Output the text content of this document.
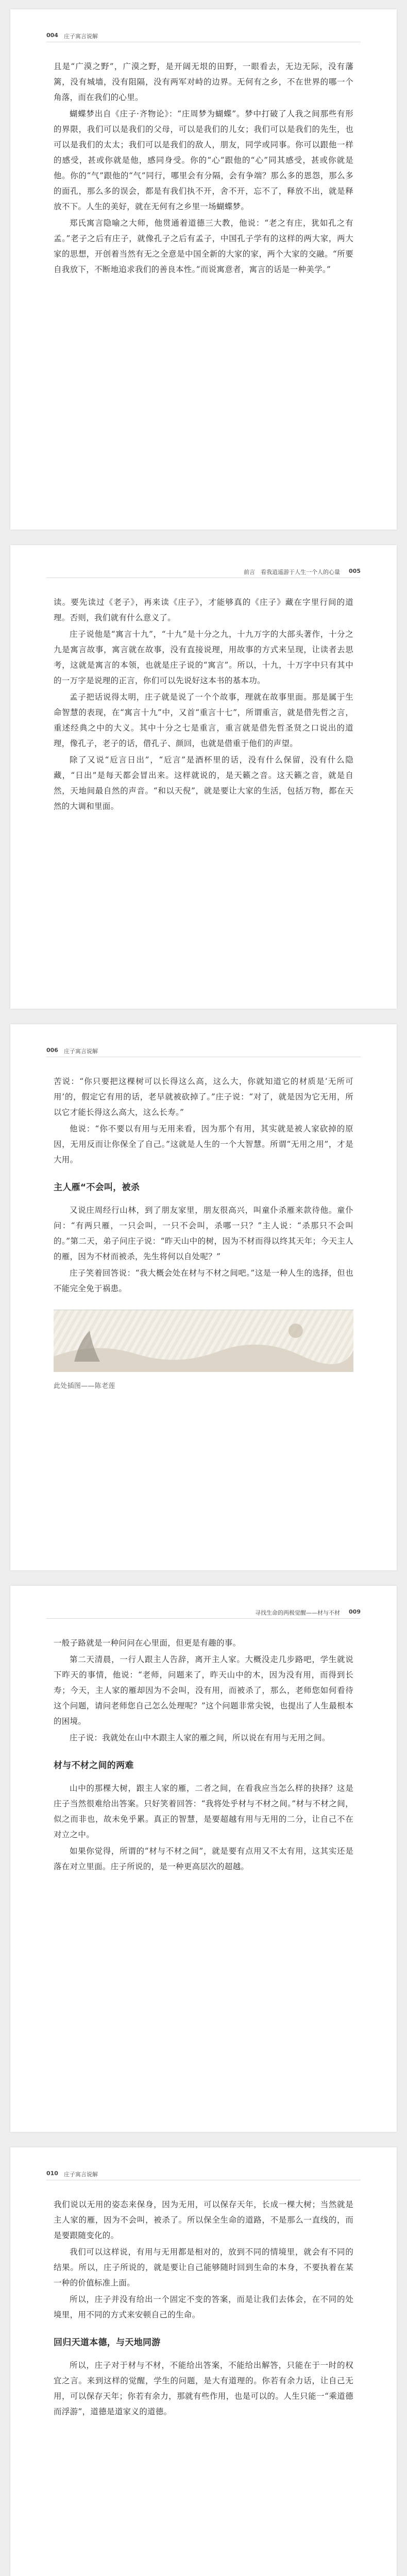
004 庄子寓言说解

且是“广漠之野”，广漠之野，是开阔无垠的田野，一眼看去，无边无际，没有藩篱，没有城墙，没有阻隔，没有两军对峙的边界。无何有之乡，不在世界的哪一个角落，而在我们的心里。

蝴蝶梦出自《庄子·齐物论》：“庄周梦为蝴蝶”。梦中打破了人我之间那些有形的界限，我们可以是我们的父母，可以是我们的儿女；我们可以是我们的先生，也可以是我们的太太；我们可以是我们的敌人，朋友，同学或同事。你可以跟他一样的感受，甚或你就是他，感同身受。你的“心”跟他的“心”同其感受，甚或你就是他。你的“气”跟他的“气”同行，哪里会有分隔，会有争端？那么多的恩怨，那么多的面孔，那么多的误会，都是有我们执不开，舍不开，忘不了，释放不出，就是释放不下。人生的美好，就在无何有之乡里一场蝴蝶梦。

郑氏寓言隐喻之大师，他贯通着道德三大教，他说：“老之有庄，犹如孔之有孟。”老子之后有庄子，就像孔子之后有孟子，中国孔子学有的这样的两大家，两大家的思想，开创着当然有无之全意是中国全新的大家的家，两个大家的交融。“所要自我放下，不断地追求我们的善良本性。”而说寓意者，寓言的话是一种美学。”

前言　看我逍遥游于人生一个人的心量 005

读。要先读过《老子》，再来读《庄子》，才能够真的《庄子》藏在字里行间的道理。否则，我们就有什么意义了。

庄子说他是“寓言十九”，“十九”是十分之九，十九万字的大部头著作，十分之九是寓言故事，寓言就在故事，没有直接说理，用故事的方式来呈现，让读者去思考，这就是寓言的本领，也就是庄子说的“寓言”。所以，十九，十万字中只有其中的一万字是说理的正言，你们可以先说好这本书的基本功。

孟子把话说得太明，庄子就是说了一个个故事，理就在故事里面。那是属于生命智慧的表现，在“寓言十九”中，又首“重言十七”，所谓重言，就是借先哲之言，重述经典之中的大义。其中十分之七是重言，重言就是借先哲圣贤之口说出的道理，像孔子，老子的话，借孔子、颜回，也就是借重于他们的声望。

除了又说“卮言日出”，“卮言”是酒杯里的话，没有什么保留，没有什么隐藏，“日出”是每天都会冒出来。这样就说的，是天籁之音。这天籁之音，就是自然，天地间最自然的声音。“和以天倪”，就是要让大家的生活，包括万物，都在天然的大调和里面。

006 庄子寓言说解

苦说：“你只要把这棵树可以长得这么高，这么大，你就知道它的材质是‘无所可用’的，假定它有用的话，老早就被砍掉了。”庄子说：“对了，就是因为它无用，所以它才能长得这么高大，这么长寿。”

他说：“你不要以有用与无用来看，因为那个有用，其实就是被人家砍掉的原因，无用反而让你保全了自己。”这就是人生的一个大智慧。所谓“无用之用”，才是大用。

主人雁“不会叫，被杀

又说庄周经行山林，到了朋友家里，朋友很高兴，叫童仆杀雁来款待他。童仆问：“有两只雁，一只会叫，一只不会叫，杀哪一只？”主人说：“杀那只不会叫的。”第二天，弟子问庄子说：“昨天山中的树，因为不材而得以终其天年；今天主人的雁，因为不材而被杀，先生将何以自处呢？”

庄子笑着回答说：“我大概会处在材与不材之间吧。”这是一种人生的选择，但也不能完全免于祸患。

此处插图——陈老莲

寻找生命的两极觉醒——材与不材 009

一般子路就是一种问问在心里面，但更是有趣的事。

第二天清晨，一行人跟主人告辞，离开主人家。大概没走几步路吧，学生就说下昨天的事情，他说：“老师，问题来了，昨天山中的木，因为没有用，而得到长寿；今天，主人家的雁却因为不会叫，没有用，而被杀了，那么，老师您如何看待这个问题，请问老师您自己怎么处理呢？”这个问题非常尖锐，也提出了人生最根本的困境。

庄子说：我就处在山中木跟主人家的雁之间，所以说在有用与无用之间。

材与不材之间的两难

山中的那棵大树，跟主人家的雁，二者之间，在看我应当怎么样的抉择？这是庄子当然很难给出答案。只好笑着回答：“我将处乎材与不材之间。”材与不材之间，似之而非也，故未免乎累。真正的智慧，是要超越有用与无用的二分，让自己不在对立之中。

如果你觉得，所谓的“材与不材之间”，就是要有点用又不太有用，这其实还是落在对立里面。庄子所说的，是一种更高层次的超越。

010 庄子寓言说解

我们说以无用的姿态来保身，因为无用，可以保存天年，长成一棵大树；当然就是主人家的雁，因为不会叫，被杀了。所以保全生命的道路，不是那么一直线的，而是要跟随变化的。

我们可以这样说，有用与无用都是相对的，放到不同的情境里，就会有不同的结果。所以，庄子所说的，就是要让自己能够随时回到生命的本身，不要执着在某一种的价值标准上面。

所以，庄子并没有给出一个固定不变的答案，而是让我们去体会，在不同的处境里，用不同的方式来安顿自己的生命。

回归天道本德，与天地同游

所以，庄子对于材与不材，不能给出答案，不能给出解答，只能在于一时的权宜之言。来到这样的觉醒，学生的问题，是大有道理的。你若有余力话，让自己无用，可以保存天年；你若有余力，那就有些作用，也是可以的。人生只能一“乘道德而浮游”，道德是道家义的道德。
